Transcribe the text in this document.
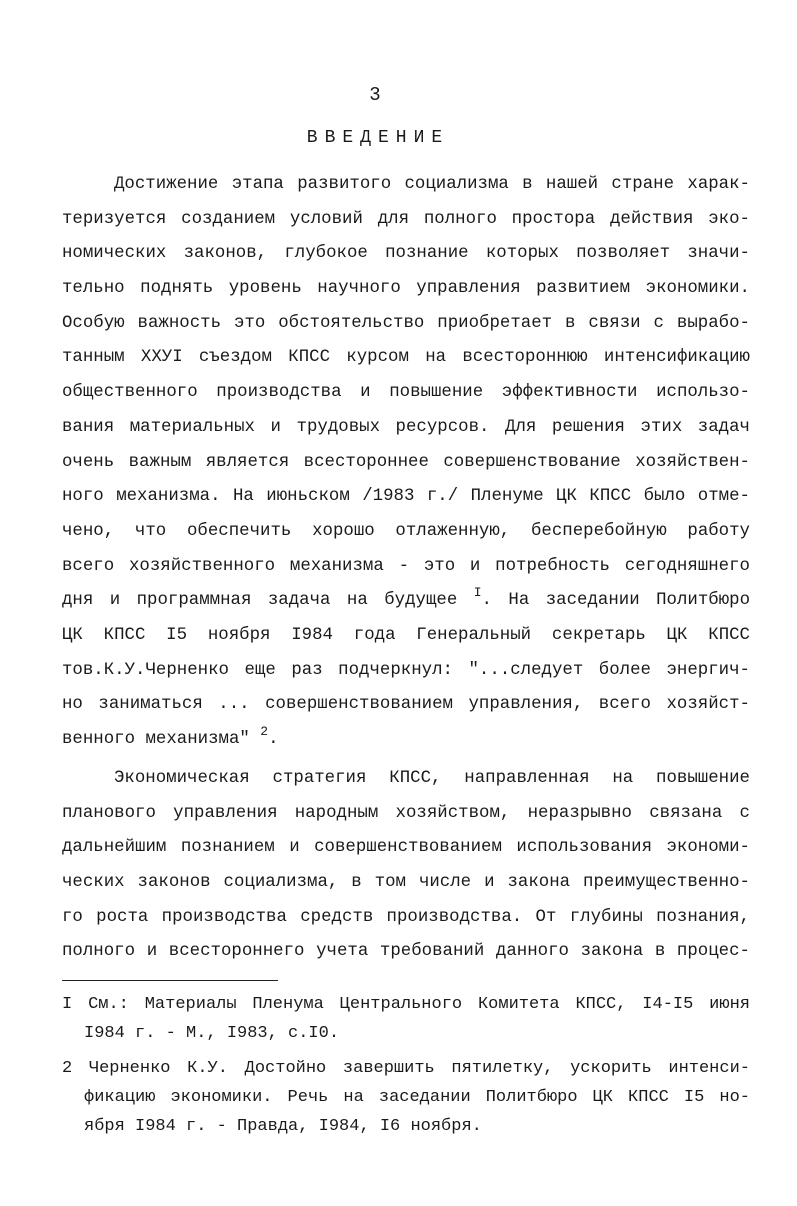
3
ВВЕДЕНИЕ
Достижение этапа развитого социализма в нашей стране харак-
теризуется созданием условий для полного простора действия эко-
номических законов, глубокое познание которых позволяет значи-
тельно поднять уровень научного управления развитием экономики.
Особую важность это обстоятельство приобретает в связи с вырабо-
танным ХХУI съездом КПСС курсом на всестороннюю интенсификацию
общественного производства и повышение эффективности использо-
вания материальных и трудовых ресурсов. Для решения этих задач
очень важным является всестороннее совершенствование хозяйствен-
ного механизма. На июньском /1983 г./ Пленуме ЦК КПСС было отме-
чено, что обеспечить хорошо отлаженную, бесперебойную работу
всего хозяйственного механизма - это и потребность сегодняшнего
дня и программная задача на будущее $^I$. На заседании Политбюро
ЦК КПСС I5 ноября I984 года Генеральный секретарь ЦК КПСС
тов.К.У.Черненко еще раз подчеркнул: "...следует более энергич-
но заниматься ... совершенствованием управления, всего хозяйст-
венного механизма" $^2$.
Экономическая стратегия КПСС, направленная на повышение
планового управления народным хозяйством, неразрывно связана с
дальнейшим познанием и совершенствованием использования экономи-
ческих законов социализма, в том числе и закона преимущественно-
го роста производства средств производства. От глубины познания,
полного и всестороннего учета требований данного закона в процес-
I См.: Материалы Пленума Центрального Комитета КПСС, I4-I5 июня
I984 г. - М., I983, с.I0.
2 Черненко К.У. Достойно завершить пятилетку, ускорить интенси-
фикацию экономики. Речь на заседании Политбюро ЦК КПСС I5 но-
ября I984 г. - Правда, I984, I6 ноября.
